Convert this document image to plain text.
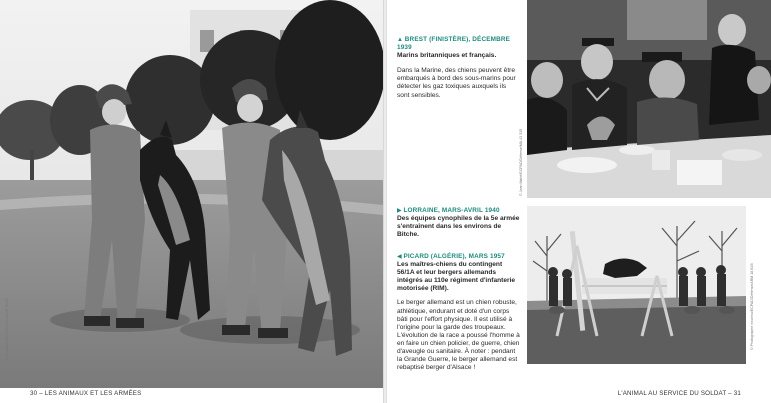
© Actualités/ECPAD/Défense/AT 60 65
30 – LES ANIMAUX ET LES ARMÉES
▲ BREST (FINISTÈRE), DÉCEMBRE 1939
Marins britanniques et français.
Dans la Marine, des chiens peuvent être embarqués à bord des sous-marins pour détecter les gaz toxiques auxquels ils sont sensibles.
▶ LORRAINE, MARS-AVRIL 1940
Des équipes cynophiles de la 5e armée s'entraînent dans les environs de Bitche.
◀ PICARD (ALGÉRIE), MARS 1957
Les maîtres-chiens du contingent 56/1A et leur bergers allemands intégrés au 110e régiment d'infanterie motorisée (RIM).
Le berger allemand est un chien robuste, athlétique, endurant et doté d'un corps bâti pour l'effort physique. Il est utilisé à l'origine pour la garde des troupeaux. L'évolution de la race a poussé l'homme à en faire un chien policier, de guerre, chien d'aveugle ou sanitaire. À noter : pendant la Grande Guerre, le berger allemand est rebaptisé berger d'Alsace !
© Jean Mahé/ECPAD/Défense/MA 43 335
© Photographe inconnu/ECPAD/Défense/ARM 18 B45
L'ANIMAL AU SERVICE DU SOLDAT – 31
